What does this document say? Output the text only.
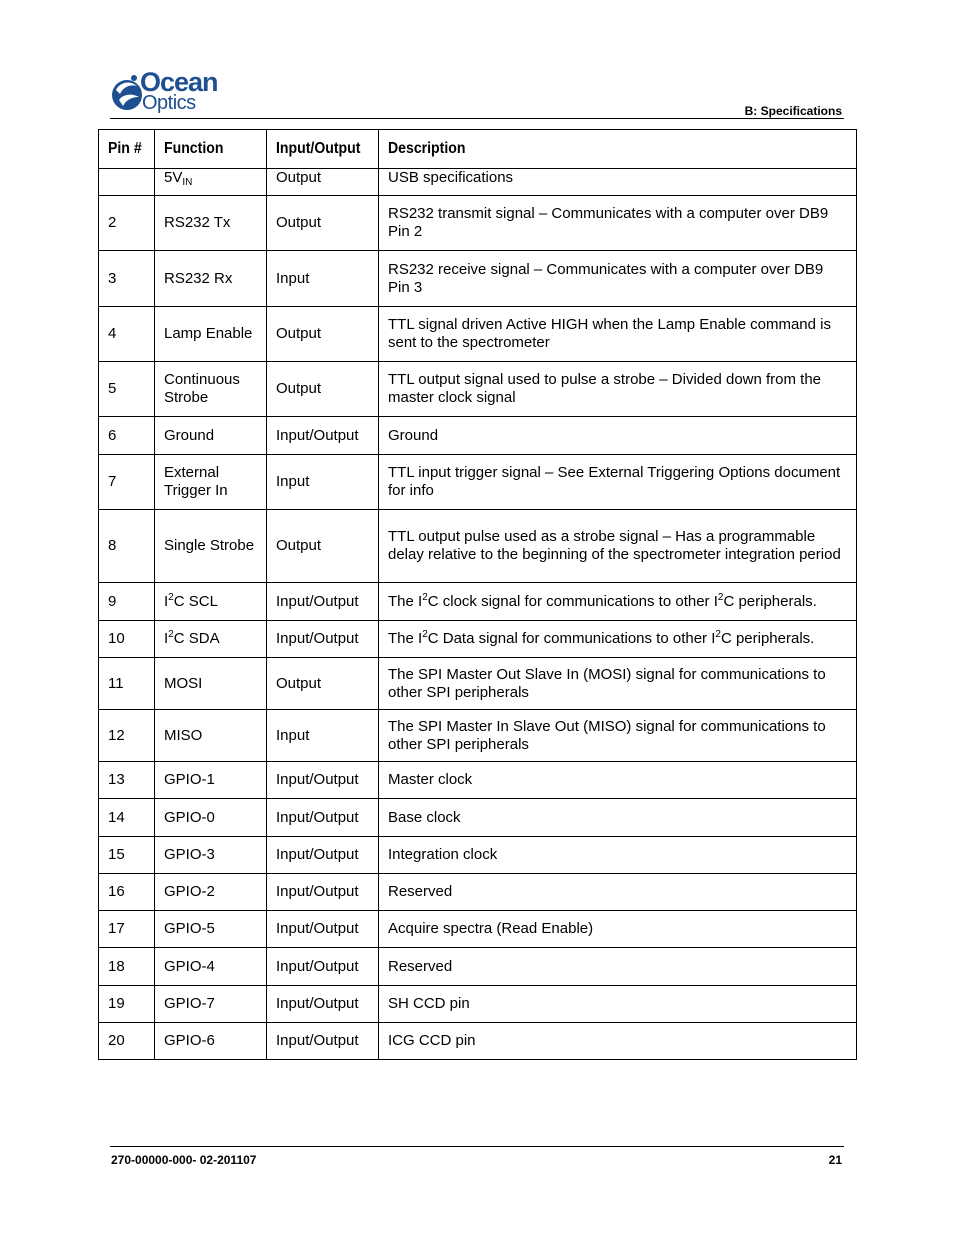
Ocean
Optics	B: Specifications
Pin #	Function	Input/Output	Description
	$5V_{IN}$	Output	USB specifications
2	RS232 Tx	Output	RS232 transmit signal – Communicates with a computer over DB9 Pin 2
3	RS232 Rx	Input	RS232 receive signal – Communicates with a computer over DB9 Pin 3
4	Lamp Enable	Output	TTL signal driven Active HIGH when the Lamp Enable command is sent to the spectrometer
5	Continuous Strobe	Output	TTL output signal used to pulse a strobe – Divided down from the master clock signal
6	Ground	Input/Output	Ground
7	External Trigger In	Input	TTL input trigger signal – See External Triggering Options document for info
8	Single Strobe	Output	TTL output pulse used as a strobe signal – Has a programmable delay relative to the beginning of the spectrometer integration period
9	$I^2C$ SCL	Input/Output	The $I^2C$ clock signal for communications to other $I^2C$ peripherals.
10	$I^2C$ SDA	Input/Output	The $I^2C$ Data signal for communications to other $I^2C$ peripherals.
11	MOSI	Output	The SPI Master Out Slave In (MOSI) signal for communications to other SPI peripherals
12	MISO	Input	The SPI Master In Slave Out (MISO) signal for communications to other SPI peripherals
13	GPIO-1	Input/Output	Master clock
14	GPIO-0	Input/Output	Base clock
15	GPIO-3	Input/Output	Integration clock
16	GPIO-2	Input/Output	Reserved
17	GPIO-5	Input/Output	Acquire spectra (Read Enable)
18	GPIO-4	Input/Output	Reserved
19	GPIO-7	Input/Output	SH CCD pin
20	GPIO-6	Input/Output	ICG CCD pin
270-00000-000- 02-201107	21
